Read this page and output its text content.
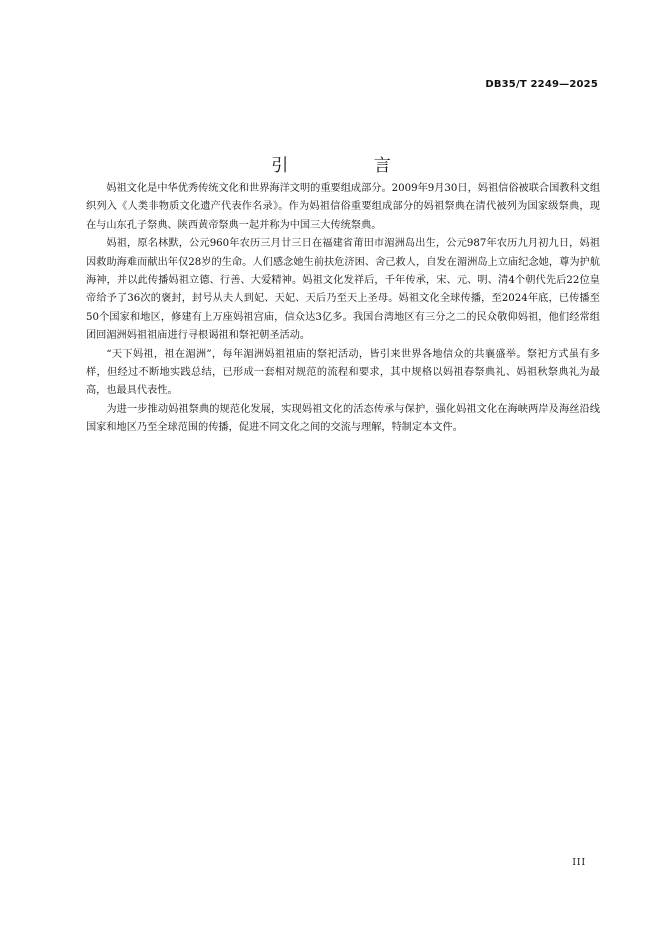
DB35/T 2249—2025
引 言

妈祖文化是中华优秀传统文化和世界海洋文明的重要组成部分。2009年9月30日，妈祖信俗被联合国教科文组织列入《人类非物质文化遗产代表作名录》。作为妈祖信俗重要组成部分的妈祖祭典在清代被列为国家级祭典，现在与山东孔子祭典、陕西黄帝祭典一起并称为中国三大传统祭典。

妈祖，原名林默，公元960年农历三月廿三日在福建省莆田市湄洲岛出生，公元987年农历九月初九日，妈祖因救助海难而献出年仅28岁的生命。人们感念她生前扶危济困、舍己救人，自发在湄洲岛上立庙纪念她，尊为护航海神，并以此传播妈祖立德、行善、大爱精神。妈祖文化发祥后，千年传承，宋、元、明、清4个朝代先后22位皇帝给予了36次的褒封，封号从夫人到妃、天妃、天后乃至天上圣母。妈祖文化全球传播，至2024年底，已传播至50个国家和地区，修建有上万座妈祖宫庙，信众达3亿多。我国台湾地区有三分之二的民众敬仰妈祖，他们经常组团回湄洲妈祖祖庙进行寻根谒祖和祭祀朝圣活动。

“天下妈祖，祖在湄洲”，每年湄洲妈祖祖庙的祭祀活动，皆引来世界各地信众的共襄盛举。祭祀方式虽有多样，但经过不断地实践总结，已形成一套相对规范的流程和要求，其中规格以妈祖春祭典礼、妈祖秋祭典礼为最高，也最具代表性。

为进一步推动妈祖祭典的规范化发展，实现妈祖文化的活态传承与保护，强化妈祖文化在海峡两岸及海丝沿线国家和地区乃至全球范围的传播，促进不同文化之间的交流与理解，特制定本文件。

III
